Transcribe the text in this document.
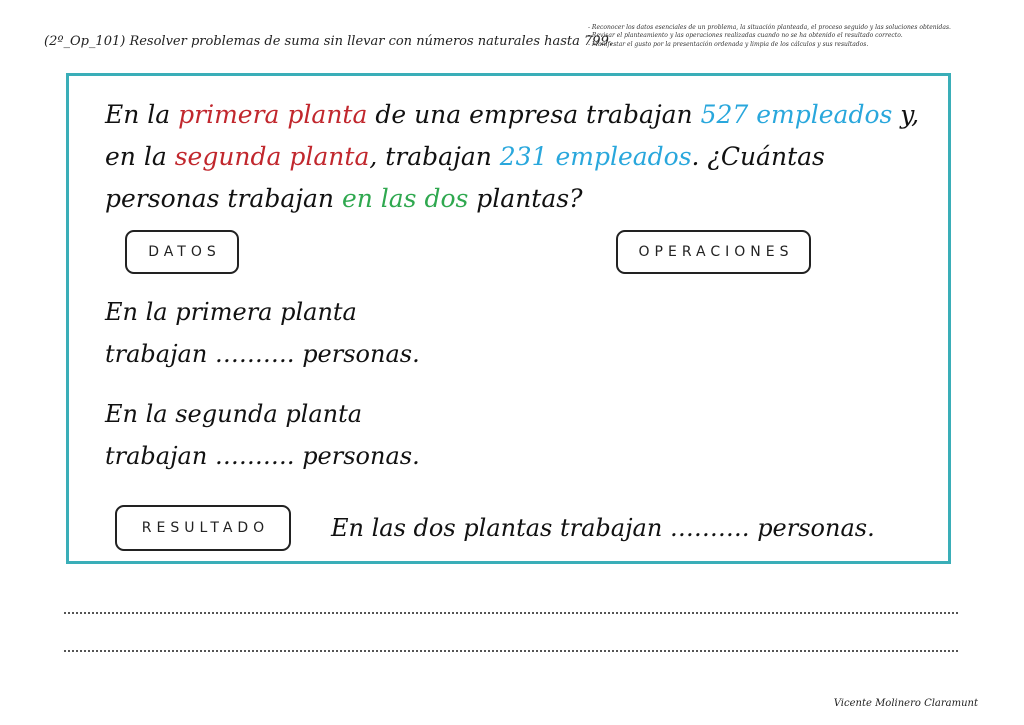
(2º_Op_101) Resolver problemas de suma sin llevar con números naturales hasta 799.
- Reconocer los datos esenciales de un problema, la situación planteada, el proceso seguido y las soluciones obtenidas.
- Revisar el planteamiento y las operaciones realizadas cuando no se ha obtenido el resultado correcto.
- Manifestar el gusto por la presentación ordenada y limpia de los cálculos y sus resultados.
En la primera planta de una empresa trabajan 527 empleados y, en la segunda planta, trabajan 231 empleados. ¿Cuántas personas trabajan en las dos plantas?
DATOS	OPERACIONES
En la primera planta
trabajan ………. personas.
En la segunda planta
trabajan ………. personas.
RESULTADO	En las dos plantas trabajan ………. personas.
Vicente Molinero Claramunt
